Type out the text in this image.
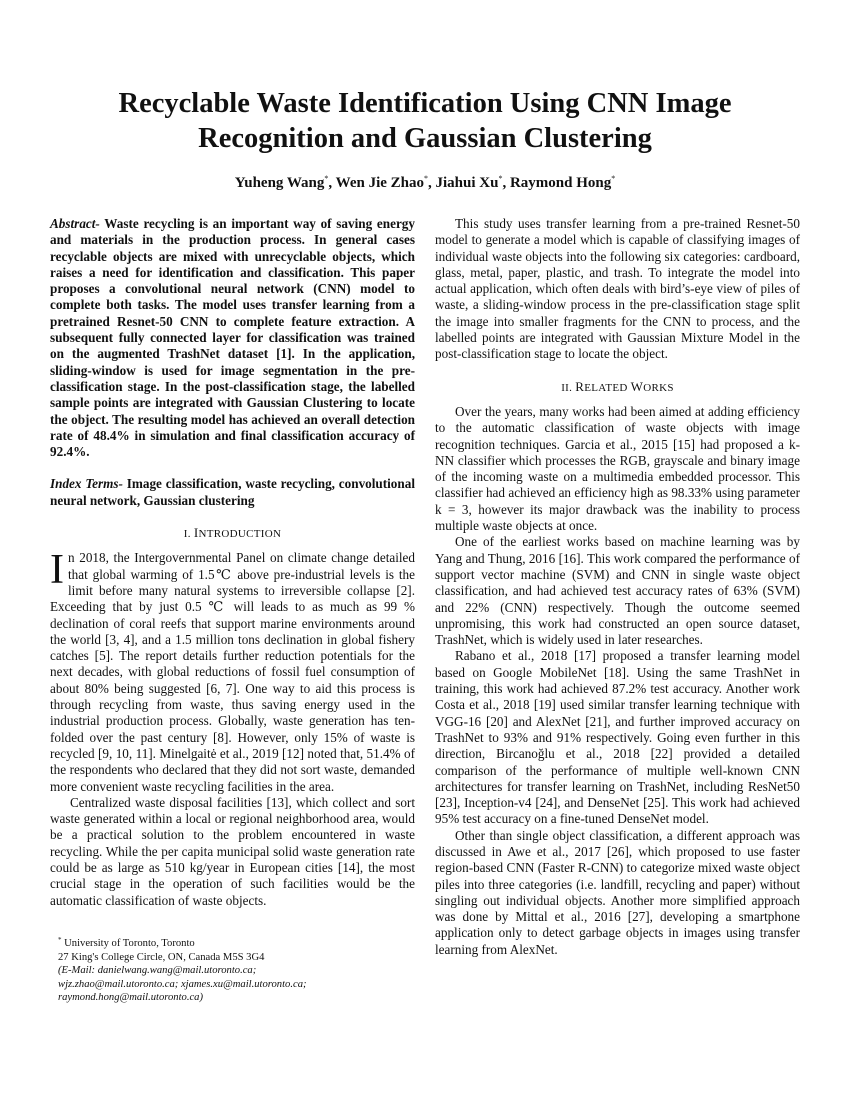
Recyclable Waste Identification Using CNN Image
Recognition and Gaussian Clustering
Yuheng Wang*, Wen Jie Zhao*, Jiahui Xu*, Raymond Hong*

Abstract- Waste recycling is an important way of saving energy and materials in the production process. In general cases recyclable objects are mixed with unrecyclable objects, which raises a need for identification and classification. This paper proposes a convolutional neural network (CNN) model to complete both tasks. The model uses transfer learning from a pretrained Resnet-50 CNN to complete feature extraction. A subsequent fully connected layer for classification was trained on the augmented TrashNet dataset [1]. In the application, sliding-window is used for image segmentation in the pre-classification stage. In the post-classification stage, the labelled sample points are integrated with Gaussian Clustering to locate the object. The resulting model has achieved an overall detection rate of 48.4% in simulation and final classification accuracy of 92.4%.

Index Terms- Image classification, waste recycling, convolutional neural network, Gaussian clustering

I. INTRODUCTION

In 2018, the Intergovernmental Panel on climate change detailed that global warming of 1.5℃ above pre-industrial levels is the limit before many natural systems to irreversible collapse [2]. Exceeding that by just 0.5 ℃ will leads to as much as 99 % declination of coral reefs that support marine environments around the world [3, 4], and a 1.5 million tons declination in global fishery catches [5]. The report details further reduction potentials for the next decades, with global reductions of fossil fuel consumption of about 80% being suggested [6, 7]. One way to aid this process is through recycling from waste, thus saving energy used in the industrial production process. Globally, waste generation has ten-folded over the past century [8]. However, only 15% of waste is recycled [9, 10, 11]. Minelgaitė et al., 2019 [12] noted that, 51.4% of the respondents who declared that they did not sort waste, demanded more convenient waste recycling facilities in the area.

Centralized waste disposal facilities [13], which collect and sort waste generated within a local or regional neighborhood area, would be a practical solution to the problem encountered in waste recycling. While the per capita municipal solid waste generation rate could be as large as 510 kg/year in European cities [14], the most crucial stage in the operation of such facilities would be the automatic classification of waste objects.

This study uses transfer learning from a pre-trained Resnet-50 model to generate a model which is capable of classifying images of individual waste objects into the following six categories: cardboard, glass, metal, paper, plastic, and trash. To integrate the model into actual application, which often deals with bird’s-eye view of piles of waste, a sliding-window process in the pre-classification stage split the image into smaller fragments for the CNN to process, and the labelled points are integrated with Gaussian Mixture Model in the post-classification stage to locate the object.

II. RELATED WORKS

Over the years, many works had been aimed at adding efficiency to the automatic classification of waste objects with image recognition techniques. Garcia et al., 2015 [15] had proposed a k-NN classifier which processes the RGB, grayscale and binary image of the incoming waste on a multimedia embedded processor. This classifier had achieved an efficiency high as 98.33% using parameter k = 3, however its major drawback was the inability to process multiple waste objects at once.

One of the earliest works based on machine learning was by Yang and Thung, 2016 [16]. This work compared the performance of support vector machine (SVM) and CNN in single waste object classification, and had achieved test accuracy rates of 63% (SVM) and 22% (CNN) respectively. Though the outcome seemed unpromising, this work had constructed an open source dataset, TrashNet, which is widely used in later researches.

Rabano et al., 2018 [17] proposed a transfer learning model based on Google MobileNet [18]. Using the same TrashNet in training, this work had achieved 87.2% test accuracy. Another work Costa et al., 2018 [19] used similar transfer learning technique with VGG-16 [20] and AlexNet [21], and further improved accuracy on TrashNet to 93% and 91% respectively. Going even further in this direction, Bircanoğlu et al., 2018 [22] provided a detailed comparison of the performance of multiple well-known CNN architectures for transfer learning on TrashNet, including ResNet50 [23], Inception-v4 [24], and DenseNet [25]. This work had achieved 95% test accuracy on a fine-tuned DenseNet model.

Other than single object classification, a different approach was discussed in Awe et al., 2017 [26], which proposed to use faster region-based CNN (Faster R-CNN) to categorize mixed waste object piles into three categories (i.e. landfill, recycling and paper) without singling out individual objects. Another more simplified approach was done by Mittal et al., 2016 [27], developing a smartphone application only to detect garbage objects in images using transfer learning from AlexNet.

* University of Toronto, Toronto
27 King's College Circle, ON, Canada M5S 3G4
(E-Mail: danielwang.wang@mail.utoronto.ca;
wjz.zhao@mail.utoronto.ca; xjames.xu@mail.utoronto.ca;
raymond.hong@mail.utoronto.ca)
